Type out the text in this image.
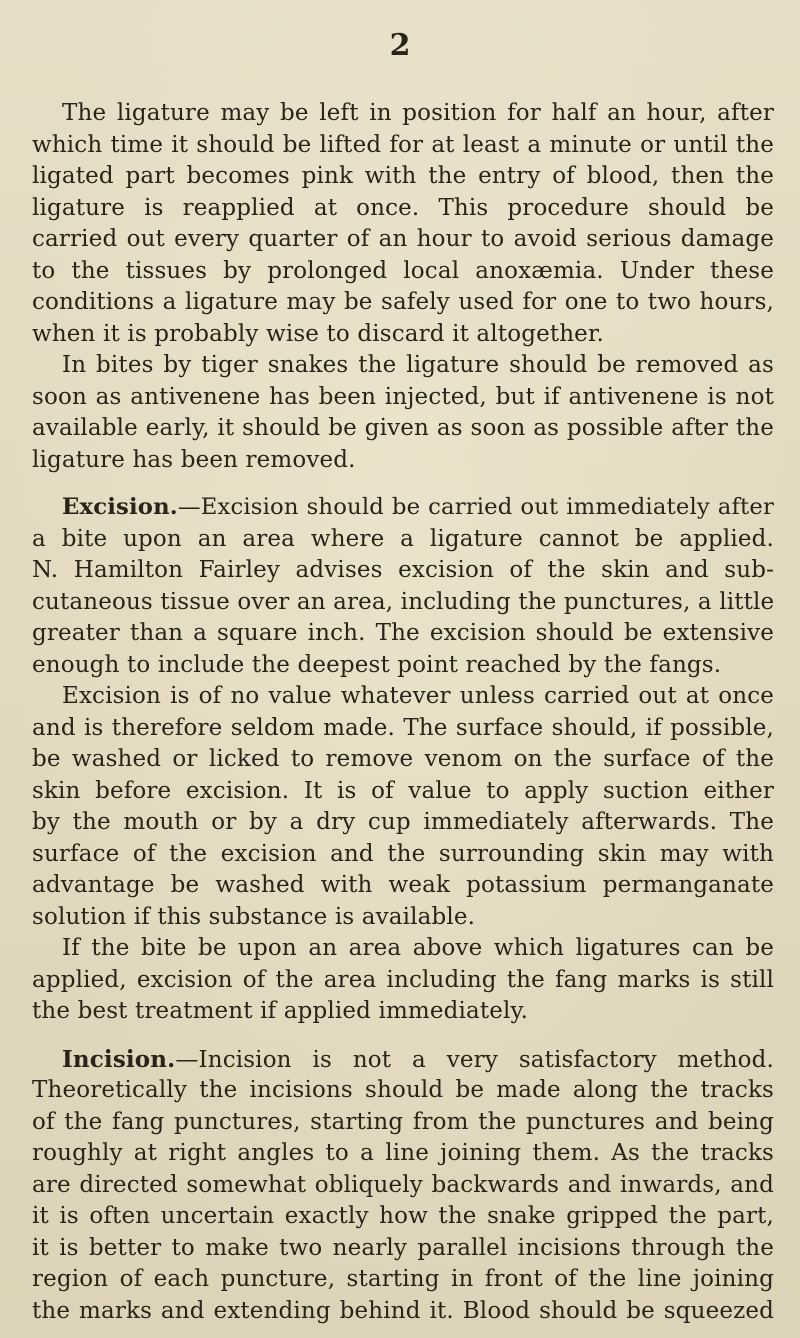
2
The ligature may be left in position for half an hour, after
which time it should be lifted for at least a minute or until the
ligated part becomes pink with the entry of blood, then the
ligature is reapplied at once. This procedure should be
carried out every quarter of an hour to avoid serious damage
to the tissues by prolonged local anoxæmia. Under these
conditions a ligature may be safely used for one to two hours,
when it is probably wise to discard it altogether.
In bites by tiger snakes the ligature should be removed as
soon as antivenene has been injected, but if antivenene is not
available early, it should be given as soon as possible after the
ligature has been removed.
Excision.—Excision should be carried out immediately after
a bite upon an area where a ligature cannot be applied.
N. Hamilton Fairley advises excision of the skin and sub-
cutaneous tissue over an area, including the punctures, a little
greater than a square inch. The excision should be extensive
enough to include the deepest point reached by the fangs.
Excision is of no value whatever unless carried out at once
and is therefore seldom made. The surface should, if possible,
be washed or licked to remove venom on the surface of the
skin before excision. It is of value to apply suction either
by the mouth or by a dry cup immediately afterwards. The
surface of the excision and the surrounding skin may with
advantage be washed with weak potassium permanganate
solution if this substance is available.
If the bite be upon an area above which ligatures can be
applied, excision of the area including the fang marks is still
the best treatment if applied immediately.
Incision.—Incision is not a very satisfactory method.
Theoretically the incisions should be made along the tracks
of the fang punctures, starting from the punctures and being
roughly at right angles to a line joining them. As the tracks
are directed somewhat obliquely backwards and inwards, and
it is often uncertain exactly how the snake gripped the part,
it is better to make two nearly parallel incisions through the
region of each puncture, starting in front of the line joining
the marks and extending behind it. Blood should be squeezed
